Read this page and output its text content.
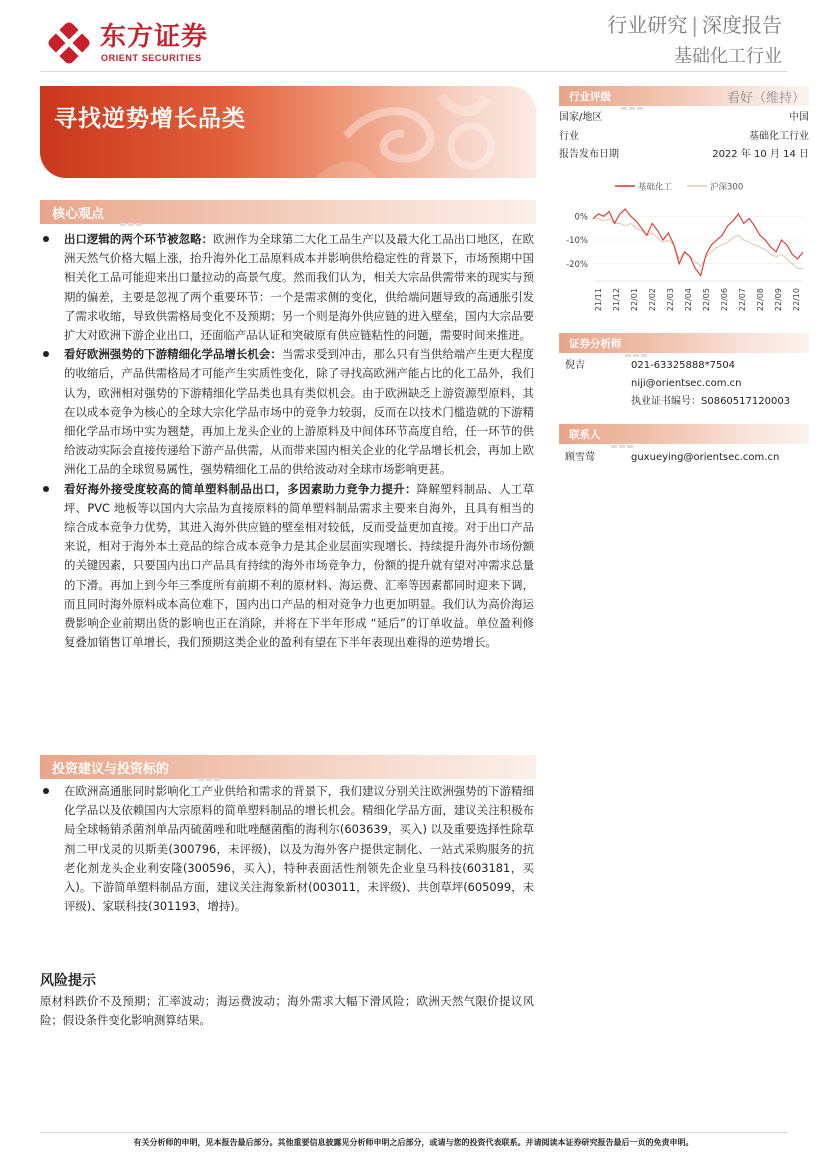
东方证券
ORIENT SECURITIES
行业研究 | 深度报告
基础化工行业
寻找逆势增长品类
核心观点
出口逻辑的两个环节被忽略：欧洲作为全球第二大化工品生产以及最大化工品出口地区，在欧洲天然气价格大幅上涨，抬升海外化工品原料成本并影响供给稳定性的背景下，市场预期中国相关化工品可能迎来出口量拉动的高景气度。然而我们认为，相关大宗品供需带来的现实与预期的偏差，主要是忽视了两个重要环节：一个是需求侧的变化，供给端问题导致的高通胀引发了需求收缩，导致供需格局变化不及预期；另一个则是海外供应链的进入壁垒，国内大宗品要扩大对欧洲下游企业出口，还面临产品认证和突破原有供应链粘性的问题，需要时间来推进。
看好欧洲强势的下游精细化学品增长机会：当需求受到冲击，那么只有当供给端产生更大程度的收缩后，产品供需格局才可能产生实质性变化，除了寻找高欧洲产能占比的化工品外，我们认为，欧洲相对强势的下游精细化学品类也具有类似机会。由于欧洲缺乏上游资源型原料，其在以成本竞争为核心的全球大宗化学品市场中的竞争力较弱，反而在以技术门槛造就的下游精细化学品市场中实为翘楚，再加上龙头企业的上游原料及中间体环节高度自给，任一环节的供给波动实际会直接传递给下游产品供需，从而带来国内相关企业的化学品增长机会，再加上欧洲化工品的全球贸易属性，强势精细化工品的供给波动对全球市场影响更甚。
看好海外接受度较高的简单塑料制品出口，多因素助力竞争力提升：降解塑料制品、人工草坪、PVC 地板等以国内大宗品为直接原料的简单塑料制品需求主要来自海外，且具有相当的综合成本竞争力优势，其进入海外供应链的壁垒相对较低，反而受益更加直接。对于出口产品来说，相对于海外本土竞品的综合成本竞争力是其企业层面实现增长、持续提升海外市场份额的关键因素，只要国内出口产品具有持续的海外市场竞争力，份额的提升就有望对冲需求总量的下滑。再加上到今年三季度所有前期不利的原材料、海运费、汇率等因素都同时迎来下调，而且同时海外原料成本高位难下，国内出口产品的相对竞争力也更加明显。我们认为高价海运费影响企业前期出货的影响也正在消除，并将在下半年形成 “延后”的订单收益。单位盈利修复叠加销售订单增长，我们预期这类企业的盈利有望在下半年表现出难得的逆势增长。
投资建议与投资标的
在欧洲高通胀同时影响化工产业供给和需求的背景下，我们建议分别关注欧洲强势的下游精细化学品以及依赖国内大宗原料的简单塑料制品的增长机会。精细化学品方面，建议关注积极布局全球畅销杀菌剂单品丙硫菌唑和吡唑醚菌酯的海利尔(603639，买入) 以及重要选择性除草剂二甲戊灵的贝斯美(300796，未评级)，以及为海外客户提供定制化、一站式采购服务的抗老化剂龙头企业利安隆(300596，买入)，特种表面活性剂领先企业皇马科技(603181，买入)。下游简单塑料制品方面，建议关注海象新材(003011，未评级)、共创草坪(605099，未评级)、家联科技(301193，增持)。
风险提示
原材料跌价不及预期；汇率波动；海运费波动；海外需求大幅下滑风险；欧洲天然气限价提议风险；假设条件变化影响测算结果。
行业评级	看好（维持）
国家/地区	中国
行业	基础化工行业
报告发布日期	2022 年 10 月 14 日
基础化工	沪深300
0%
-10%
-20%
21/11 21/12 22/01 22/02 22/03 22/04 22/05 22/06 22/07 22/08 22/09 22/10
证券分析师
倪吉	021-63325888*7504
niji@orientsec.com.cn
执业证书编号：S0860517120003
联系人
顾雪莺	guxueying@orientsec.com.cn
有关分析师的申明，见本报告最后部分。其他重要信息披露见分析师申明之后部分，或请与您的投资代表联系。并请阅读本证券研究报告最后一页的免责申明。
